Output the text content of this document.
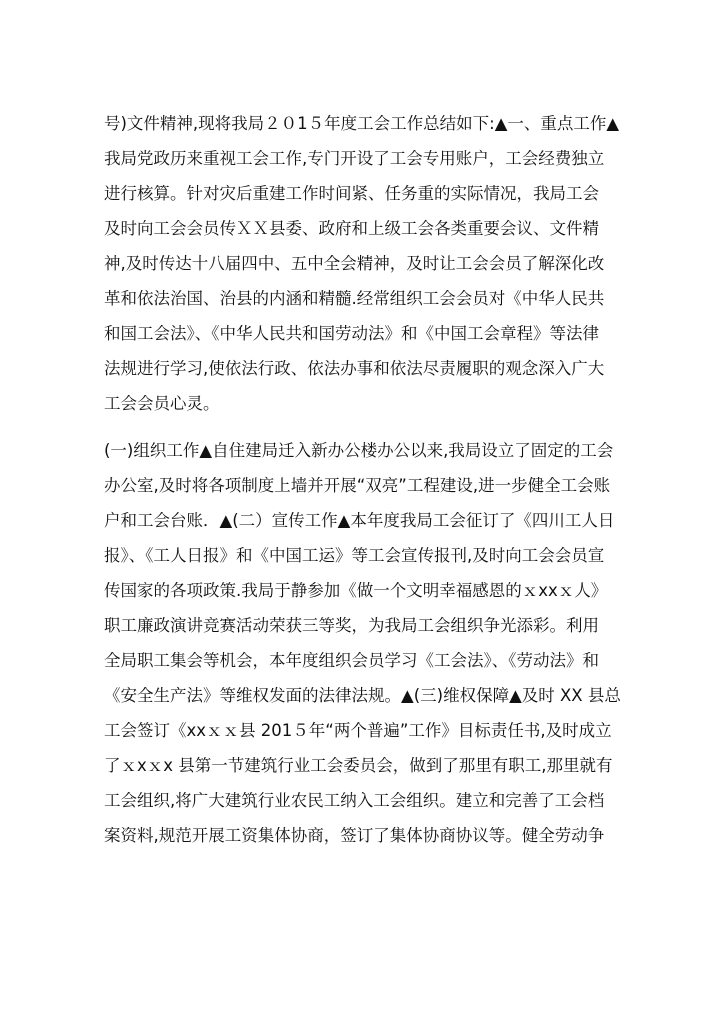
号)文件精神,现将我局２０1５年度工会工作总结如下:▲一、重点工作▲
我局党政历来重视工会工作,专门开设了工会专用账户，工会经费独立
进行核算。针对灾后重建工作时间紧、任务重的实际情况，我局工会
及时向工会会员传ＸＸ县委、政府和上级工会各类重要会议、文件精
神,及时传达十八届四中、五中全会精神，及时让工会会员了解深化改
革和依法治国、治县的内涵和精髓.经常组织工会会员对《中华人民共
和国工会法》、《中华人民共和国劳动法》和《中国工会章程》等法律
法规进行学习,使依法行政、依法办事和依法尽责履职的观念深入广大
工会会员心灵。
(一)组织工作▲自住建局迁入新办公楼办公以来,我局设立了固定的工会
办公室,及时将各项制度上墙并开展“双亮”工程建设,进一步健全工会账
户和工会台账．▲(二）宣传工作▲本年度我局工会征订了《四川工人日
报》、《工人日报》和《中国工运》等工会宣传报刊,及时向工会会员宣
传国家的各项政策.我局于静参加《做一个文明幸福感恩的ｘxxｘ人》
职工廉政演讲竞赛活动荣获三等奖，为我局工会组织争光添彩。利用
全局职工集会等机会，本年度组织会员学习《工会法》、《劳动法》和
《安全生产法》等维权发面的法律法规。▲(三)维权保障▲及时 XX 县总
工会签订《xxｘｘ县 201５年“两个普遍”工作》目标责任书,及时成立
了ｘxｘx 县第一节建筑行业工会委员会，做到了那里有职工,那里就有
工会组织,将广大建筑行业农民工纳入工会组织。建立和完善了工会档
案资料,规范开展工资集体协商，签订了集体协商协议等。健全劳动争
